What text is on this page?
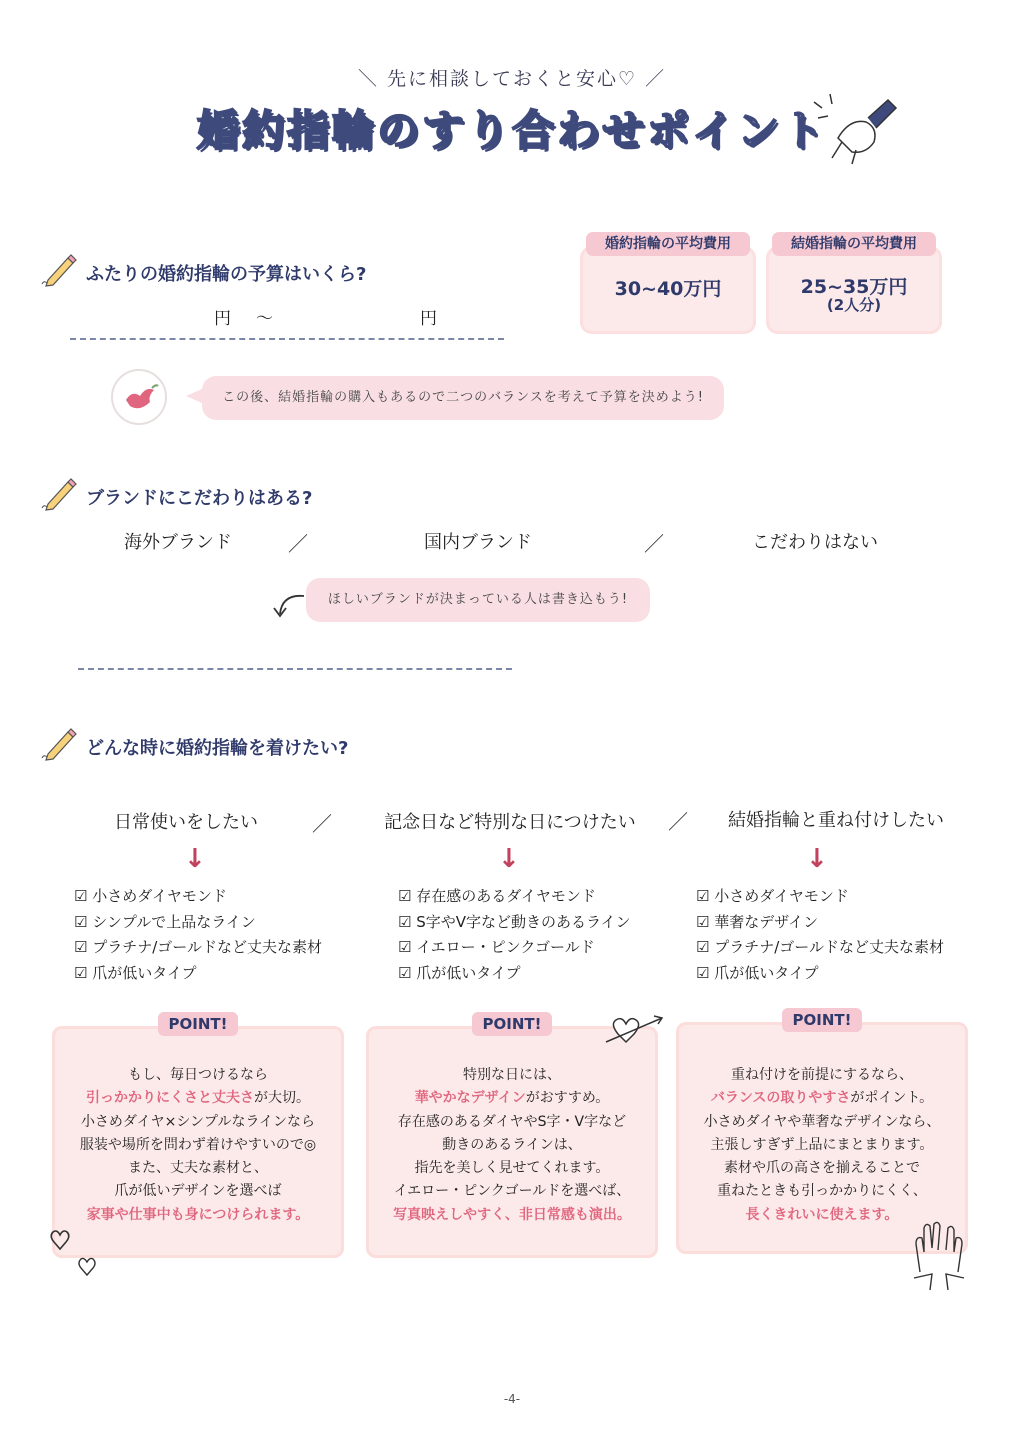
＼ 先に相談しておくと安心♡ ／
婚約指輪のすり合わせポイント
ふたりの婚約指輪の予算はいくら?
円 〜	円
婚約指輪の平均費用
30~40万円
結婚指輪の平均費用
25~35万円
(2人分)
この後、結婚指輪の購入もあるので二つのバランスを考えて予算を決めよう!
ブランドにこだわりはある?
海外ブランド	／	国内ブランド	／	こだわりはない
ほしいブランドが決まっている人は書き込もう!
どんな時に婚約指輪を着けたい?
日常使いをしたい	／	記念日など特別な日につけたい	／	結婚指輪と重ね付けしたい
↓	↓	↓
☑ 小さめダイヤモンド
☑ シンプルで上品なライン
☑ プラチナ/ゴールドなど丈夫な素材
☑ 爪が低いタイプ
☑ 存在感のあるダイヤモンド
☑ S字やV字など動きのあるライン
☑ イエロー・ピンクゴールド
☑ 爪が低いタイプ
☑ 小さめダイヤモンド
☑ 華奢なデザイン
☑ プラチナ/ゴールドなど丈夫な素材
☑ 爪が低いタイプ
POINT!
もし、毎日つけるなら
引っかかりにくさと丈夫さが大切。
小さめダイヤ×シンプルなラインなら
服装や場所を問わず着けやすいので◎
また、丈夫な素材と、
爪が低いデザインを選べば
家事や仕事中も身につけられます。
POINT!
特別な日には、
華やかなデザインがおすすめ。
存在感のあるダイヤやS字・V字など
動きのあるラインは、
指先を美しく見せてくれます。
イエロー・ピンクゴールドを選べば、
写真映えしやすく、非日常感も演出。
POINT!
重ね付けを前提にするなら、
バランスの取りやすさがポイント。
小さめダイヤや華奢なデザインなら、
主張しすぎず上品にまとまります。
素材や爪の高さを揃えることで
重ねたときも引っかかりにくく、
長くきれいに使えます。
-4-
